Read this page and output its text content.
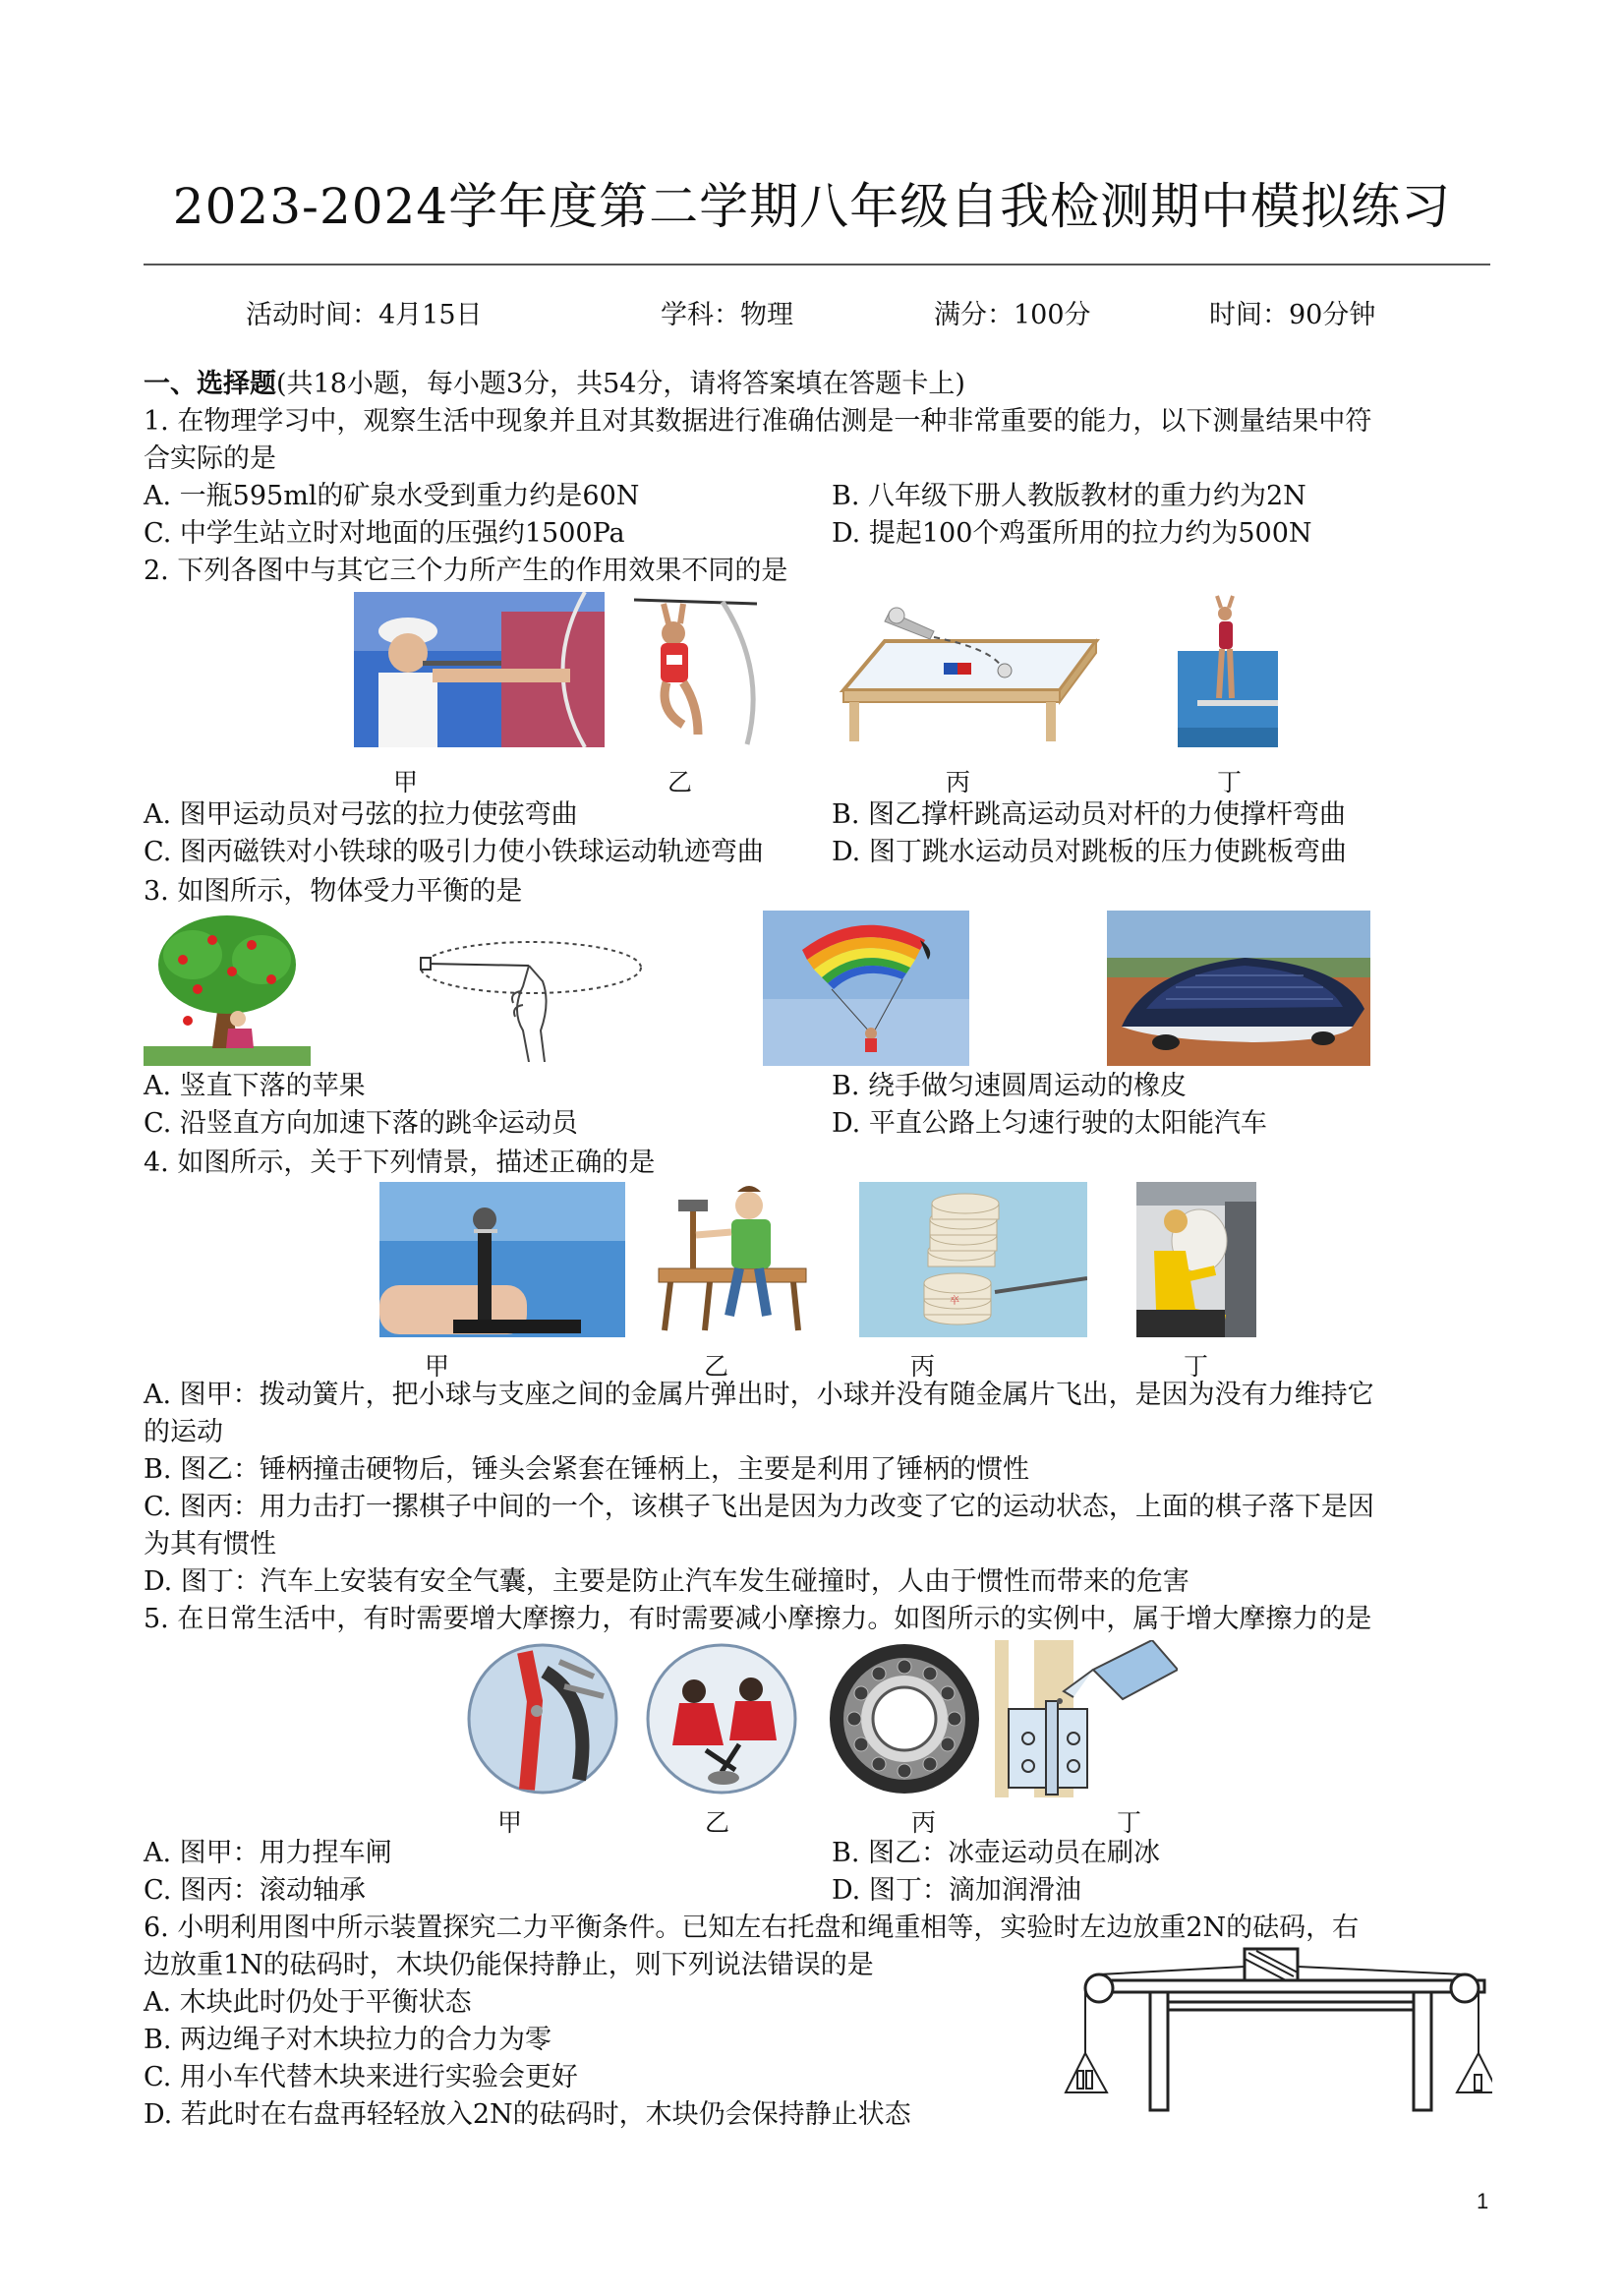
2023-2024学年度第二学期八年级自我检测期中模拟练习
活动时间：4月15日	学科：物理	满分：100分	时间：90分钟
一、选择题(共18小题，每小题3分，共54分，请将答案填在答题卡上)
1. 在物理学习中，观察生活中现象并且对其数据进行准确估测是一种非常重要的能力，以下测量结果中符
合实际的是
A. 一瓶595ml的矿泉水受到重力约是60N	B. 八年级下册人教版教材的重力约为2N
C. 中学生站立时对地面的压强约1500Pa	D. 提起100个鸡蛋所用的拉力约为500N
2. 下列各图中与其它三个力所产生的作用效果不同的是
甲	乙	丙	丁
A. 图甲运动员对弓弦的拉力使弦弯曲	B. 图乙撑杆跳高运动员对杆的力使撑杆弯曲
C. 图丙磁铁对小铁球的吸引力使小铁球运动轨迹弯曲	D. 图丁跳水运动员对跳板的压力使跳板弯曲
3. 如图所示，物体受力平衡的是
A. 竖直下落的苹果	B. 绕手做匀速圆周运动的橡皮
C. 沿竖直方向加速下落的跳伞运动员	D. 平直公路上匀速行驶的太阳能汽车
4. 如图所示，关于下列情景，描述正确的是
卒
甲	乙	丙	丁
A. 图甲：拨动簧片，把小球与支座之间的金属片弹出时，小球并没有随金属片飞出，是因为没有力维持它
的运动
B. 图乙：锤柄撞击硬物后，锤头会紧套在锤柄上，主要是利用了锤柄的惯性
C. 图丙：用力击打一摞棋子中间的一个，该棋子飞出是因为力改变了它的运动状态，上面的棋子落下是因
为其有惯性
D. 图丁：汽车上安装有安全气囊，主要是防止汽车发生碰撞时，人由于惯性而带来的危害
5. 在日常生活中，有时需要增大摩擦力，有时需要减小摩擦力。如图所示的实例中，属于增大摩擦力的是
甲	乙	丙	丁
A. 图甲：用力捏车闸	B. 图乙：冰壶运动员在刷冰
C. 图丙：滚动轴承	D. 图丁：滴加润滑油
6. 小明利用图中所示装置探究二力平衡条件。已知左右托盘和绳重相等，实验时左边放重2N的砝码，右
边放重1N的砝码时，木块仍能保持静止，则下列说法错误的是
A. 木块此时仍处于平衡状态
B. 两边绳子对木块拉力的合力为零
C. 用小车代替木块来进行实验会更好
D. 若此时在右盘再轻轻放入2N的砝码时，木块仍会保持静止状态
1
